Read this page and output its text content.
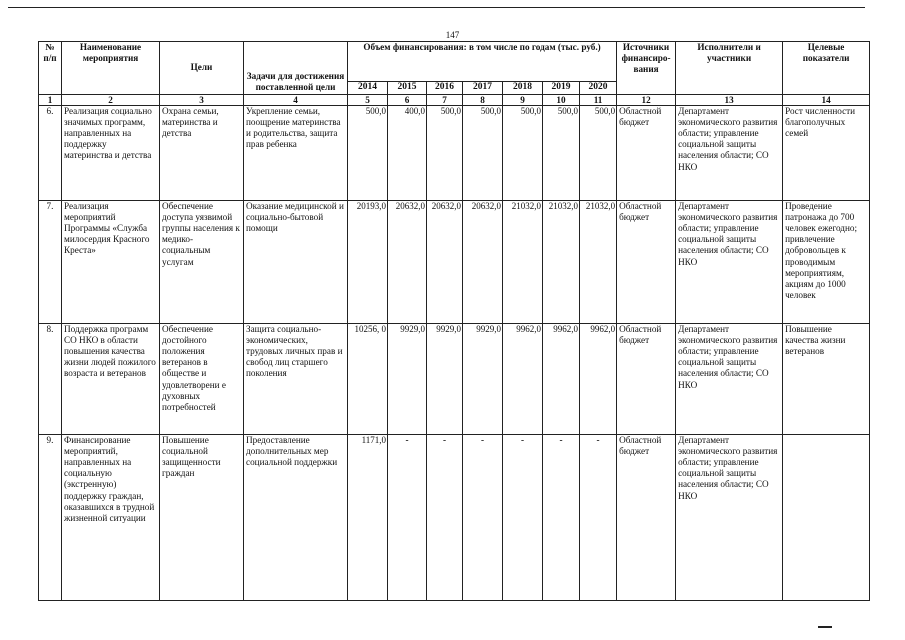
147
№ п/п	Наименование мероприятия	Цели	Задачи для достижения поставленной цели	Объем финансирования: в том числе по годам (тыс. руб.)							Источники финансиро-вания	Исполнители и участники	Целевые показатели
				2014	2015	2016	2017	2018	2019	2020			
1	2	3	4	5	6	7	8	9	10	11	12	13	14
6.	Реализация социально значимых программ, направленных на поддержку материнства и детства	Охрана семьи, материнства и детства	Укрепление семьи, поощрение материнства и родительства, защита прав ребенка	500,0	400,0	500,0	500,0	500,0	500,0	500,0	Областной бюджет	Департамент экономического развития области; управление социальной защиты населения области; СО НКО	Рост численности благополучных семей
7.	Реализация мероприятий Программы «Служба милосердия Красного Креста»	Обеспечение доступа уязвимой группы населения к медико-социальным услугам	Оказание медицинской и социально-бытовой помощи	20193,0	20632,0	20632,0	20632,0	21032,0	21032,0	21032,0	Областной бюджет	Департамент экономического развития области; управление социальной защиты населения области; СО НКО	Проведение патронажа до 700 человек ежегодно; привлечение добровольцев к проводимым мероприятиям, акциям до 1000 человек
8.	Поддержка программ СО НКО в области повышения качества жизни людей пожилого возраста и ветеранов	Обеспечение достойного положения ветеранов в обществе и удовлетворени е духовных потребностей	Защита социально-экономических, трудовых личных прав и свобод лиц старшего поколения	10256, 0	9929,0	9929,0	9929,0	9962,0	9962,0	9962,0	Областной бюджет	Департамент экономического развития области; управление социальной защиты населения области; СО НКО	Повышение качества жизни ветеранов
9.	Финансирование мероприятий, направленных на социальную (экстренную) поддержку граждан, оказавшихся в трудной жизненной ситуации	Повышение социальной защищенности граждан	Предоставление дополнительных мер социальной поддержки	1171,0	-	-	-	-	-	-	Областной бюджет	Департамент экономического развития области; управление социальной защиты населения области; СО НКО	
